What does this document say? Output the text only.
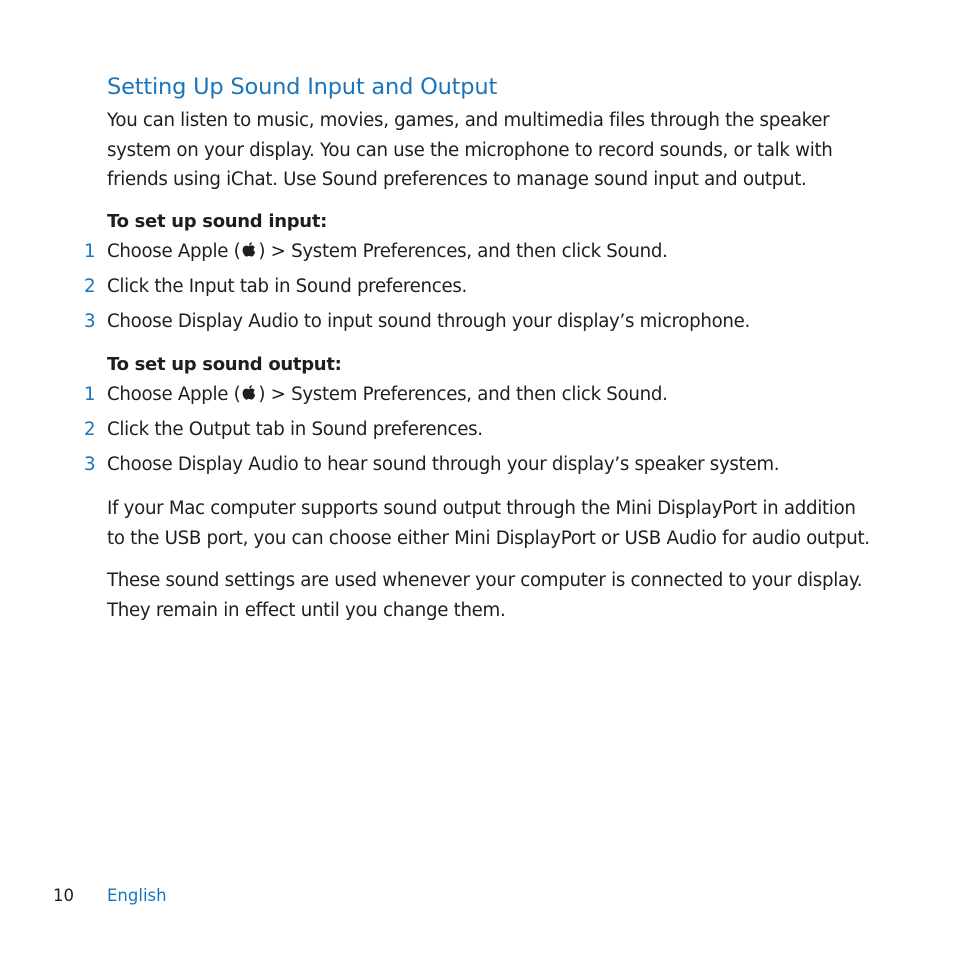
Setting Up Sound Input and Output

You can listen to music, movies, games, and multimedia files through the speaker
system on your display. You can use the microphone to record sounds, or talk with
friends using iChat. Use Sound preferences to manage sound input and output.

To set up sound input:

1 Choose Apple ( ) > System Preferences, and then click Sound.
2 Click the Input tab in Sound preferences.
3 Choose Display Audio to input sound through your display’s microphone.

To set up sound output:

1 Choose Apple ( ) > System Preferences, and then click Sound.
2 Click the Output tab in Sound preferences.
3 Choose Display Audio to hear sound through your display’s speaker system.

If your Mac computer supports sound output through the Mini DisplayPort in addition
to the USB port, you can choose either Mini DisplayPort or USB Audio for audio output.

These sound settings are used whenever your computer is connected to your display.
They remain in effect until you change them.

10 English
